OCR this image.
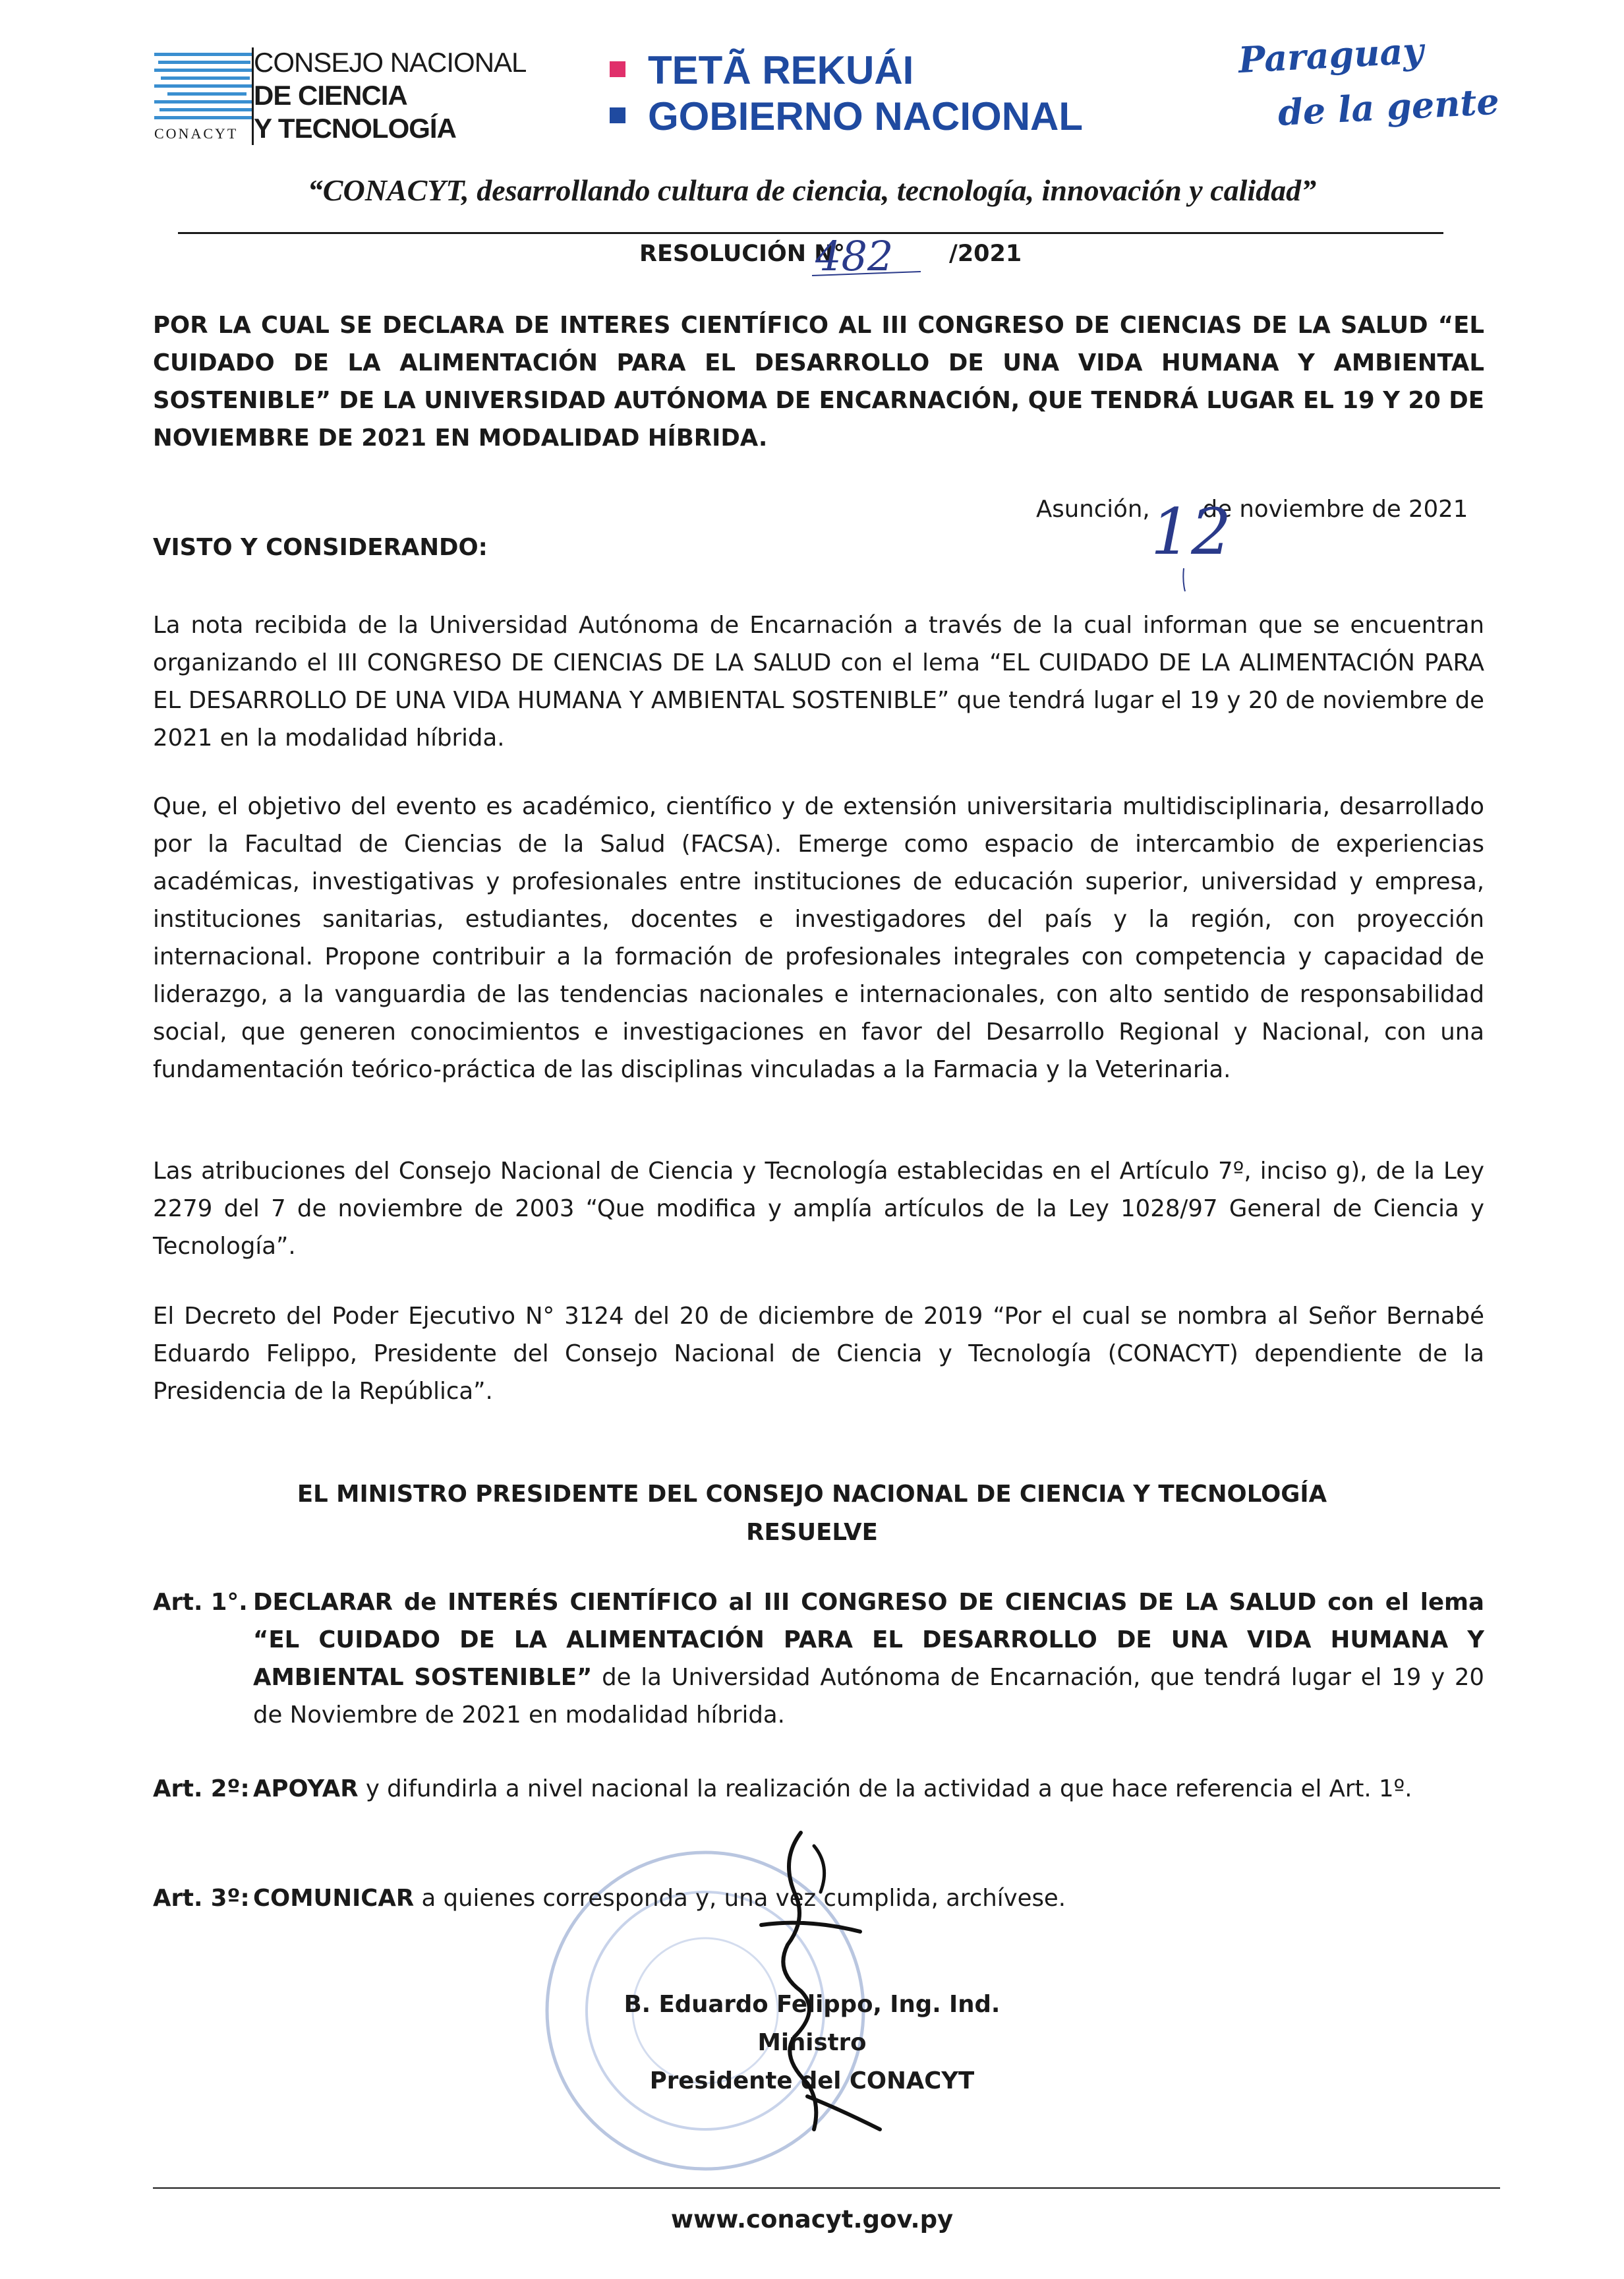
CONACYT
CONSEJO NACIONAL
DE CIENCIA
Y TECNOLOGÍA
TETÃ REKUÁI
GOBIERNO NACIONAL
Paraguay
de la gente
“CONACYT, desarrollando cultura de ciencia, tecnología, innovación y calidad”
RESOLUCIÓN N°	/2021
482
POR LA CUAL SE DECLARA DE INTERES CIENTÍFICO AL III CONGRESO DE CIENCIAS DE LA SALUD “EL CUIDADO DE LA ALIMENTACIÓN PARA EL DESARROLLO DE UNA VIDA HUMANA Y AMBIENTAL SOSTENIBLE” DE LA UNIVERSIDAD AUTÓNOMA DE ENCARNACIÓN, QUE TENDRÁ LUGAR EL 19 Y 20 DE NOVIEMBRE DE 2021 EN MODALIDAD HÍBRIDA.
Asunción, de noviembre de 2021
12
VISTO Y CONSIDERANDO:
La nota recibida de la Universidad Autónoma de Encarnación a través de la cual informan que se encuentran organizando el III CONGRESO DE CIENCIAS DE LA SALUD con el lema “EL CUIDADO DE LA ALIMENTACIÓN PARA EL DESARROLLO DE UNA VIDA HUMANA Y AMBIENTAL SOSTENIBLE” que tendrá lugar el 19 y 20 de noviembre de 2021 en la modalidad híbrida.
Que, el objetivo del evento es académico, científico y de extensión universitaria multidisciplinaria, desarrollado por la Facultad de Ciencias de la Salud (FACSA). Emerge como espacio de intercambio de experiencias académicas, investigativas y profesionales entre instituciones de educación superior, universidad y empresa, instituciones sanitarias, estudiantes, docentes e investigadores del país y la región, con proyección internacional. Propone contribuir a la formación de profesionales integrales con competencia y capacidad de liderazgo, a la vanguardia de las tendencias nacionales e internacionales, con alto sentido de responsabilidad social, que generen conocimientos e investigaciones en favor del Desarrollo Regional y Nacional, con una fundamentación teórico-práctica de las disciplinas vinculadas a la Farmacia y la Veterinaria.
Las atribuciones del Consejo Nacional de Ciencia y Tecnología establecidas en el Artículo 7º, inciso g), de la Ley 2279 del 7 de noviembre de 2003 “Que modifica y amplía artículos de la Ley 1028/97 General de Ciencia y Tecnología”.
El Decreto del Poder Ejecutivo N° 3124 del 20 de diciembre de 2019 “Por el cual se nombra al Señor Bernabé Eduardo Felippo, Presidente del Consejo Nacional de Ciencia y Tecnología (CONACYT) dependiente de la Presidencia de la República”.
EL MINISTRO PRESIDENTE DEL CONSEJO NACIONAL DE CIENCIA Y TECNOLOGÍA
RESUELVE
Art. 1°. DECLARAR de INTERÉS CIENTÍFICO al III CONGRESO DE CIENCIAS DE LA SALUD con el lema “EL CUIDADO DE LA ALIMENTACIÓN PARA EL DESARROLLO DE UNA VIDA HUMANA Y AMBIENTAL SOSTENIBLE” de la Universidad Autónoma de Encarnación, que tendrá lugar el 19 y 20 de Noviembre de 2021 en modalidad híbrida.
Art. 2º: APOYAR y difundirla a nivel nacional la realización de la actividad a que hace referencia el Art. 1º.
Art. 3º: COMUNICAR a quienes corresponda y, una vez cumplida, archívese.
B. Eduardo Felippo, Ing. Ind.
Ministro
Presidente del CONACYT
www.conacyt.gov.py
